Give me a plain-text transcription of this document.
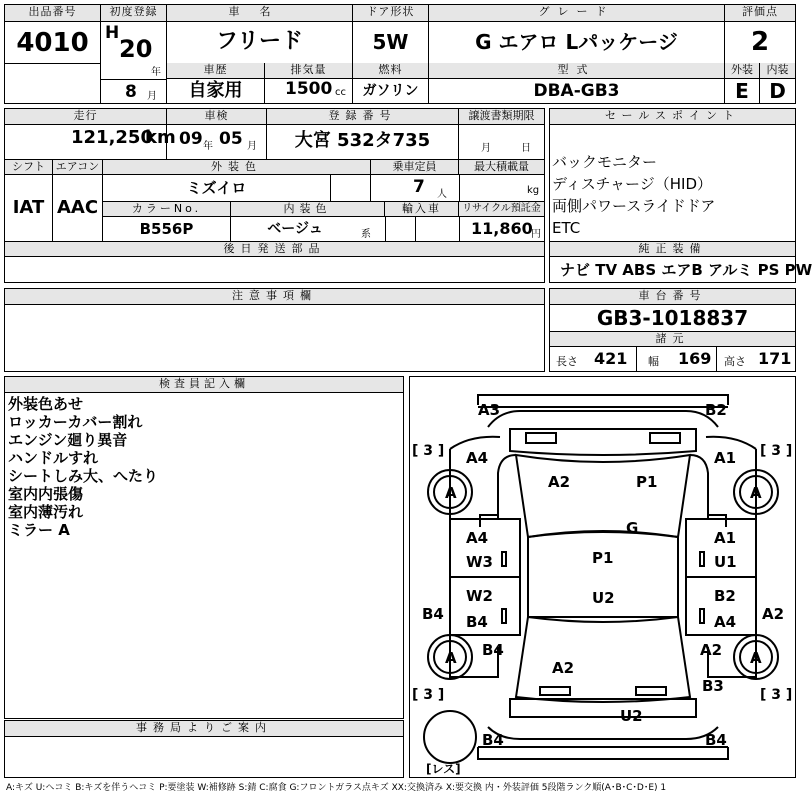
出品番号
4010
初度登録
H
20
年
8 月
車名
フリード
ドア形状
5W
グレード
G エアロ Lパッケージ
評価点
2
車歴
自家用
排気量
1500 cc
燃料
ガソリン
型式
DBA-GB3
外装
E
内装
D
走行
121,250
km
車検
09 年 05 月
登録番号
大宮 532タ735
譲渡書類期限
月	日
シフト エアコン	外装色	乗車定員	最大積載量
IAT AAC
ミズイロ	7 人	kg
カラーNo.	内装色	輸入車	リサイクル預託金
B556P	ベージュ	系	11,860
円
後日発送部品
セールスポイント
バックモニター
ディスチャージ（HID）
両側パワースライドドア
ETC
純正装備
ナビ TV ABS エアB アルミ PS PW
注意事項欄	車台番号
GB3-1018837
諸元
長さ 421 幅 169 高さ 171
検査員記入欄
外装色あせ
ロッカーカバー割れ
エンジン廻り異音
ハンドルすれ
シートしみ大、へたり
室内内張傷
室内薄汚れ
ミラー A
事務局よりご案内
A3	B2
A4	A1
A2	P1
A	A
G
A4	A1
W3	U1
P1
W2	B2
B4
U2
A4
B4	A2
B4
A	A
A2
A2
B3
U2
B4	B4
[ 3 ]	[ 3 ]
[ 3 ]	[ 3 ]
[レス]
A:キズ U:ヘコミ B:キズを伴うヘコミ P:要塗装 W:補修跡 S:錆 C:腐食 G:フロントガラス点キズ XX:交換済み X:要交換 内・外装評価 5段階ランク順(A･B･C･D･E) 1
